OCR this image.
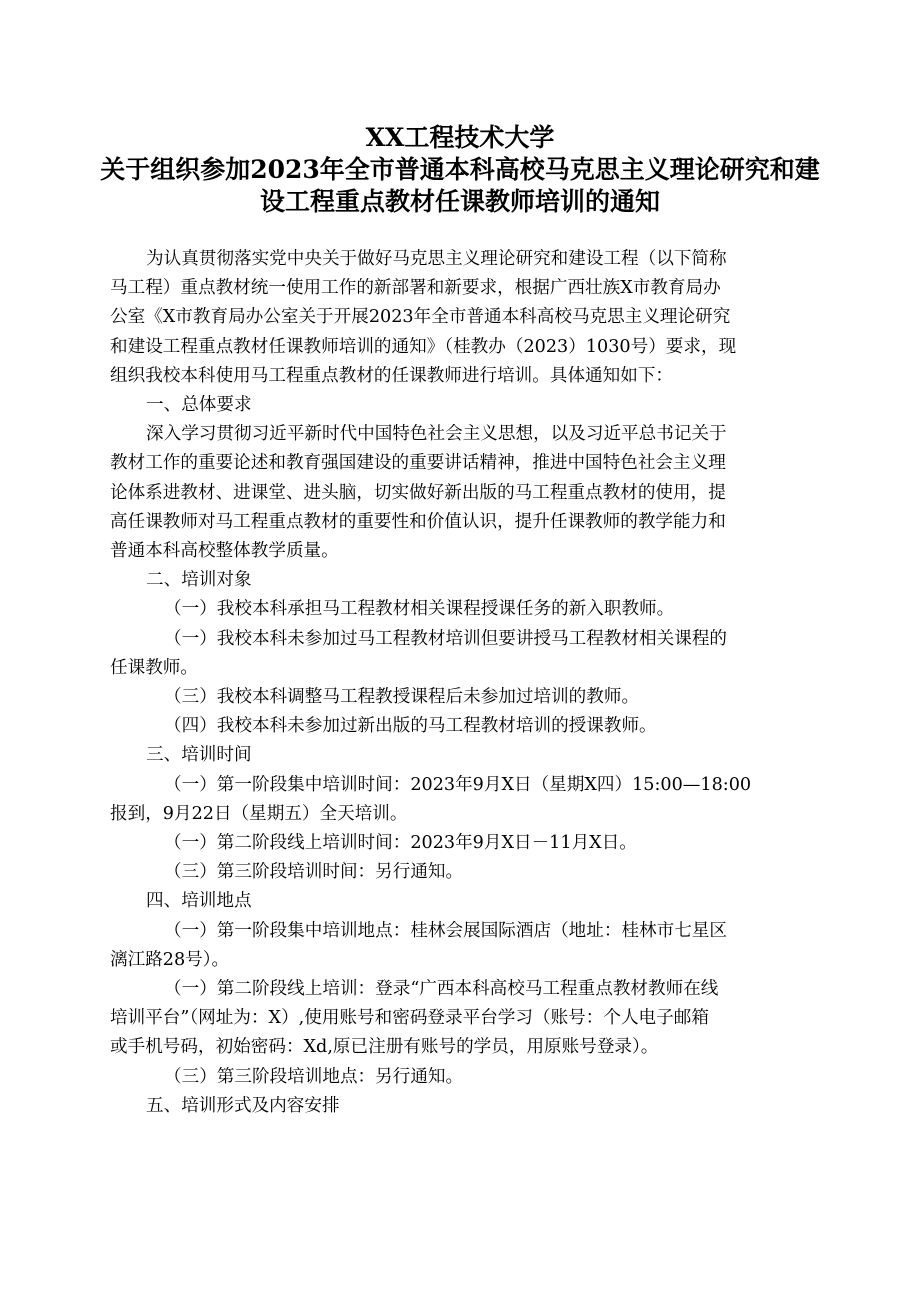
XX工程技术大学
关于组织参加2023年全市普通本科高校马克思主义理论研究和建
设工程重点教材任课教师培训的通知
为认真贯彻落实党中央关于做好马克思主义理论研究和建设工程（以下简称
马工程）重点教材统一使用工作的新部署和新要求，根据广西壮族X市教育局办
公室《X市教育局办公室关于开展2023年全市普通本科高校马克思主义理论研究
和建设工程重点教材任课教师培训的通知》（桂教办（2023）1030号）要求，现
组织我校本科使用马工程重点教材的任课教师进行培训。具体通知如下：
一、总体要求
深入学习贯彻习近平新时代中国特色社会主义思想，以及习近平总书记关于
教材工作的重要论述和教育强国建设的重要讲话精神，推进中国特色社会主义理
论体系进教材、进课堂、进头脑，切实做好新出版的马工程重点教材的使用，提
高任课教师对马工程重点教材的重要性和价值认识，提升任课教师的教学能力和
普通本科高校整体教学质量。
二、培训对象
（一）我校本科承担马工程教材相关课程授课任务的新入职教师。
（一）我校本科未参加过马工程教材培训但要讲授马工程教材相关课程的
任课教师。
（三）我校本科调整马工程教授课程后未参加过培训的教师。
（四）我校本科未参加过新出版的马工程教材培训的授课教师。
三、培训时间
（一）第一阶段集中培训时间：2023年9月X日（星期X四）15:00—18:00
报到，9月22日（星期五）全天培训。
（一）第二阶段线上培训时间：2023年9月X日－11月X日。
（三）第三阶段培训时间：另行通知。
四、培训地点
（一）第一阶段集中培训地点：桂林会展国际酒店（地址：桂林市七星区
漓江路28号）。
（一）第二阶段线上培训：登录“广西本科高校马工程重点教材教师在线
培训平台”（网址为：X）,使用账号和密码登录平台学习（账号：个人电子邮箱
或手机号码，初始密码：Xd,原已注册有账号的学员，用原账号登录）。
（三）第三阶段培训地点：另行通知。
五、培训形式及内容安排
